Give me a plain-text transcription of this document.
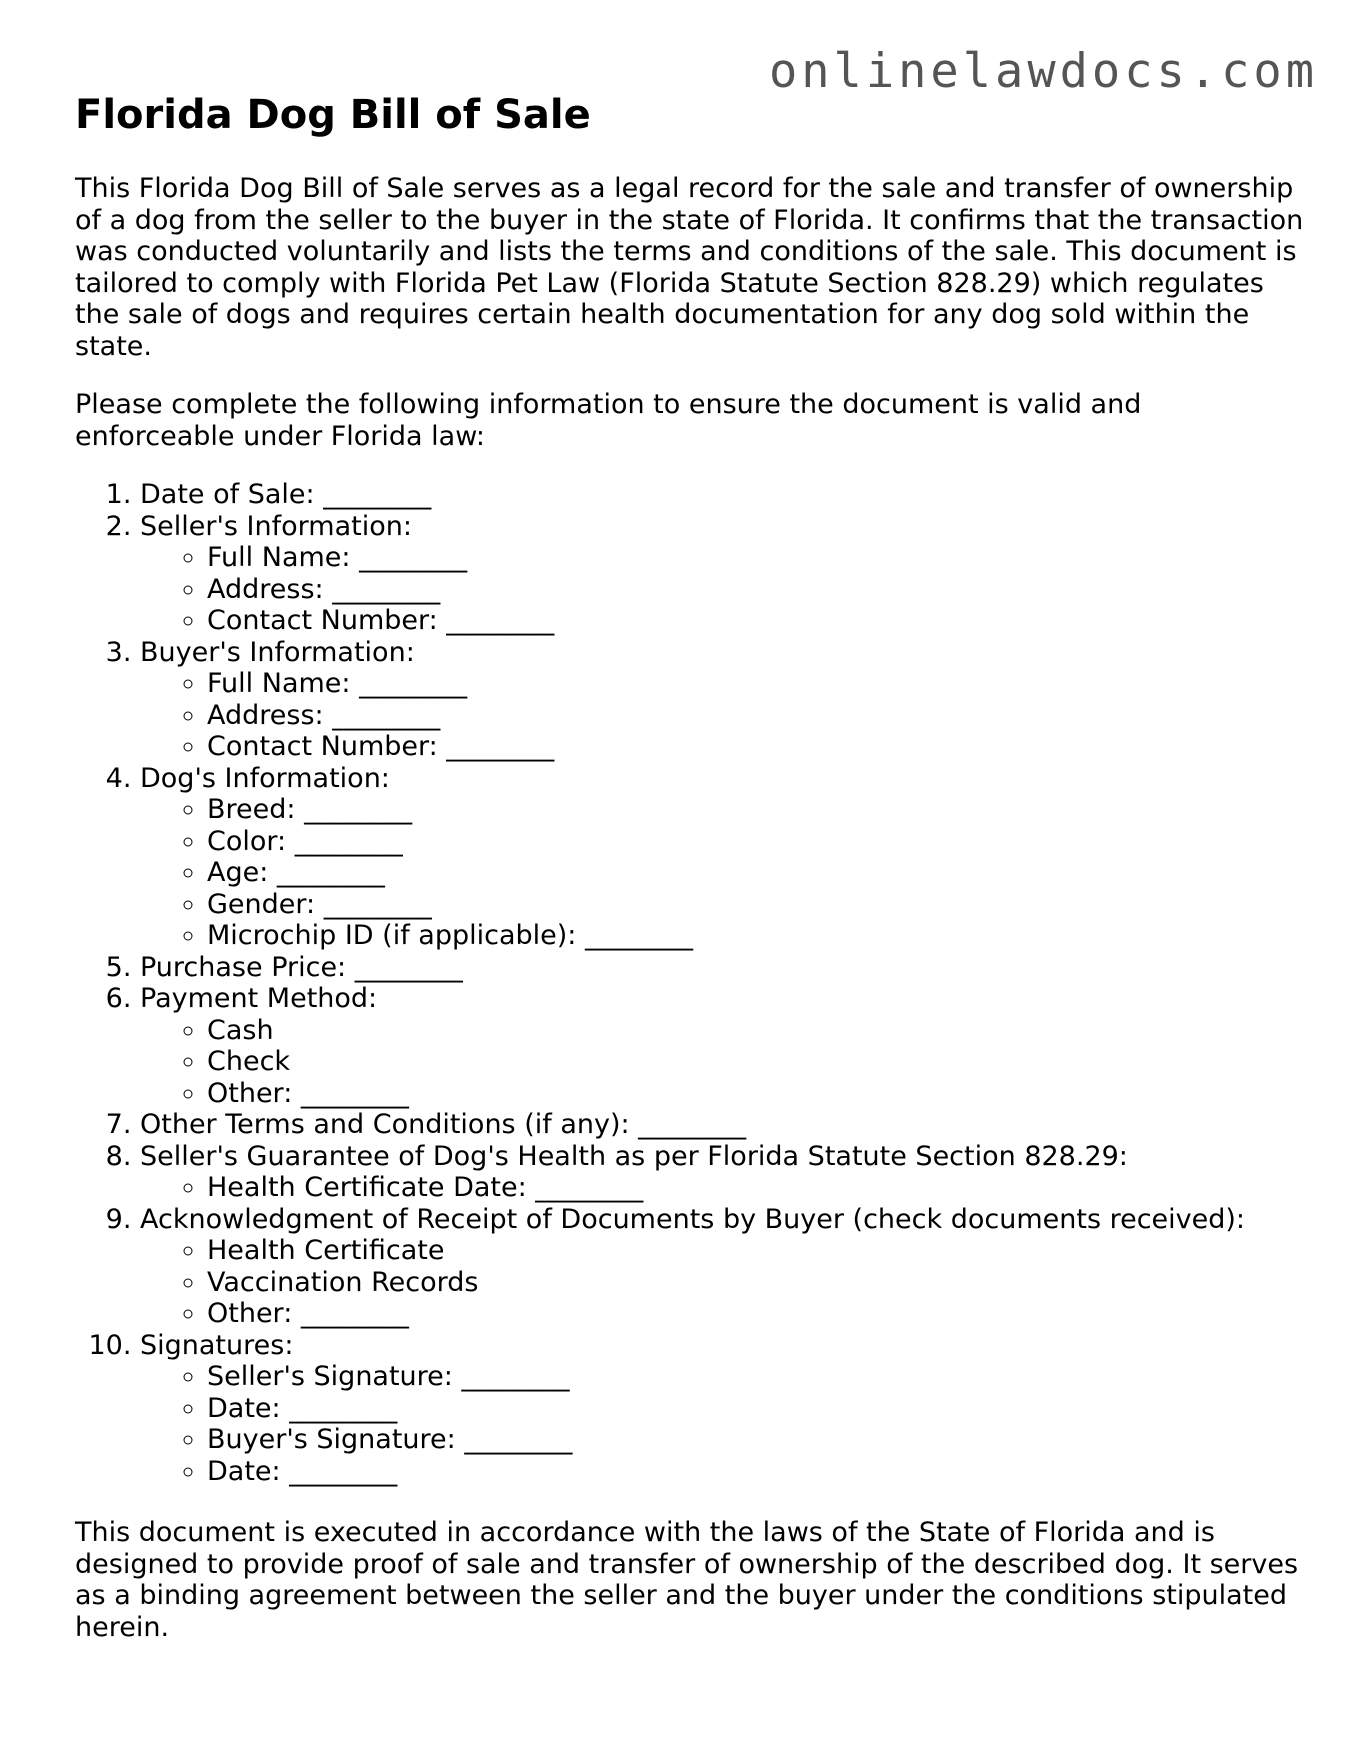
onlinelawdocs.com
Florida Dog Bill of Sale

This Florida Dog Bill of Sale serves as a legal record for the sale and transfer of ownership of a dog from the seller to the buyer in the state of Florida. It confirms that the transaction was conducted voluntarily and lists the terms and conditions of the sale. This document is tailored to comply with Florida Pet Law (Florida Statute Section 828.29) which regulates the sale of dogs and requires certain health documentation for any dog sold within the state.

Please complete the following information to ensure the document is valid and enforceable under Florida law:

1. Date of Sale: ________
2. Seller's Information:
◦ Full Name: ________
◦ Address: ________
◦ Contact Number: ________
3. Buyer's Information:
◦ Full Name: ________
◦ Address: ________
◦ Contact Number: ________
4. Dog's Information:
◦ Breed: ________
◦ Color: ________
◦ Age: ________
◦ Gender: ________
◦ Microchip ID (if applicable): ________
5. Purchase Price: ________
6. Payment Method:
◦ Cash
◦ Check
◦ Other: ________
7. Other Terms and Conditions (if any): ________
8. Seller's Guarantee of Dog's Health as per Florida Statute Section 828.29:
◦ Health Certificate Date: ________
9. Acknowledgment of Receipt of Documents by Buyer (check documents received):
◦ Health Certificate
◦ Vaccination Records
◦ Other: ________
10. Signatures:
◦ Seller's Signature: ________
◦ Date: ________
◦ Buyer's Signature: ________
◦ Date: ________

This document is executed in accordance with the laws of the State of Florida and is designed to provide proof of sale and transfer of ownership of the described dog. It serves as a binding agreement between the seller and the buyer under the conditions stipulated herein.
